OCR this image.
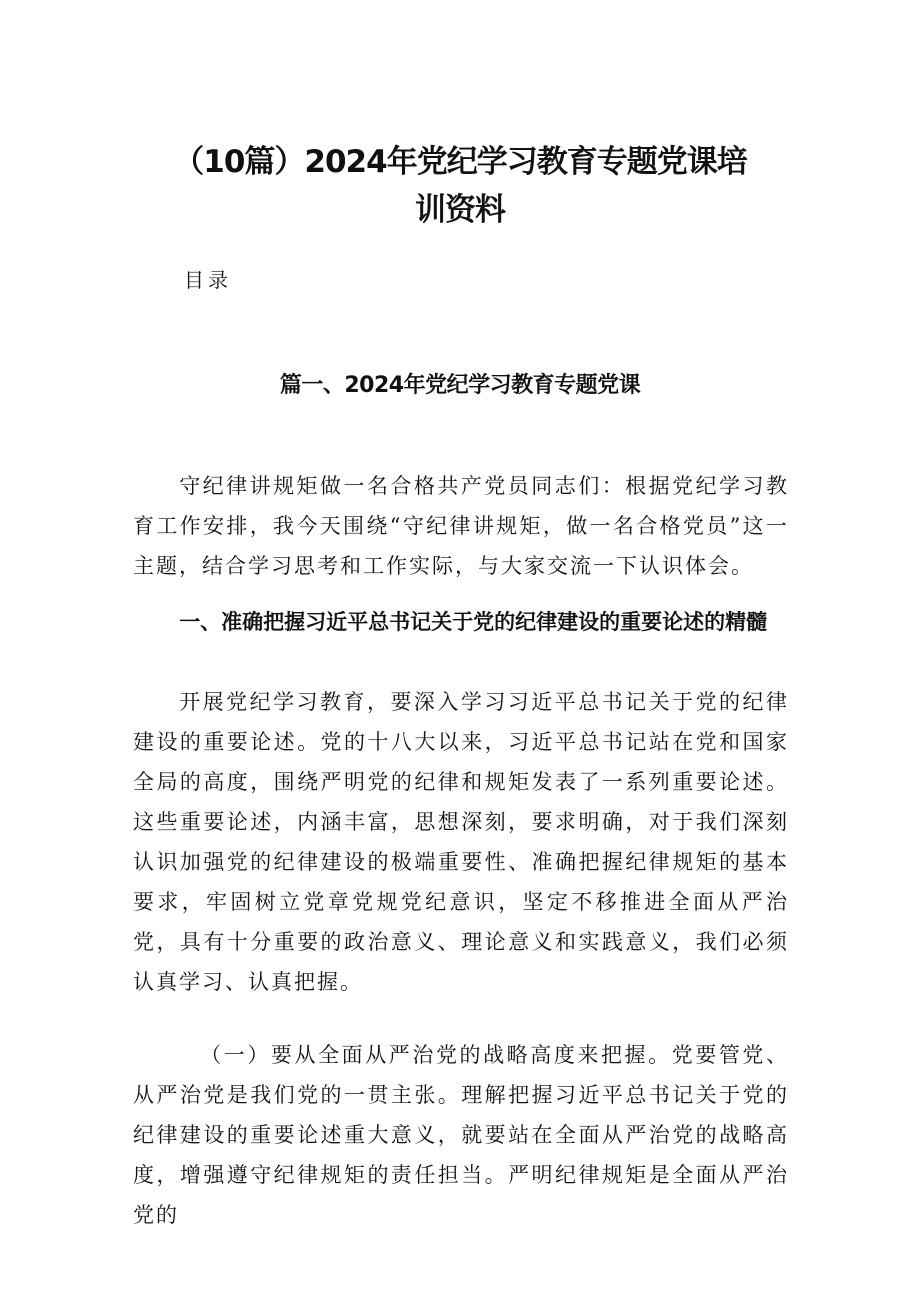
（10篇）2024年党纪学习教育专题党课培
训资料
目录
篇一、2024年党纪学习教育专题党课

守纪律讲规矩做一名合格共产党员同志们：根据党纪学习教育工作安排，我今天围绕“守纪律讲规矩，做一名合格党员”这一主题，结合学习思考和工作实际，与大家交流一下认识体会。

一、准确把握习近平总书记关于党的纪律建设的重要论述的精髓

开展党纪学习教育，要深入学习习近平总书记关于党的纪律建设的重要论述。党的十八大以来，习近平总书记站在党和国家全局的高度，围绕严明党的纪律和规矩发表了一系列重要论述。这些重要论述，内涵丰富，思想深刻，要求明确，对于我们深刻认识加强党的纪律建设的极端重要性、准确把握纪律规矩的基本要求，牢固树立党章党规党纪意识，坚定不移推进全面从严治党，具有十分重要的政治意义、理论意义和实践意义，我们必须认真学习、认真把握。

（一）要从全面从严治党的战略高度来把握。党要管党、从严治党是我们党的一贯主张。理解把握习近平总书记关于党的纪律建设的重要论述重大意义，就要站在全面从严治党的战略高度，增强遵守纪律规矩的责任担当。严明纪律规矩是全面从严治党的
